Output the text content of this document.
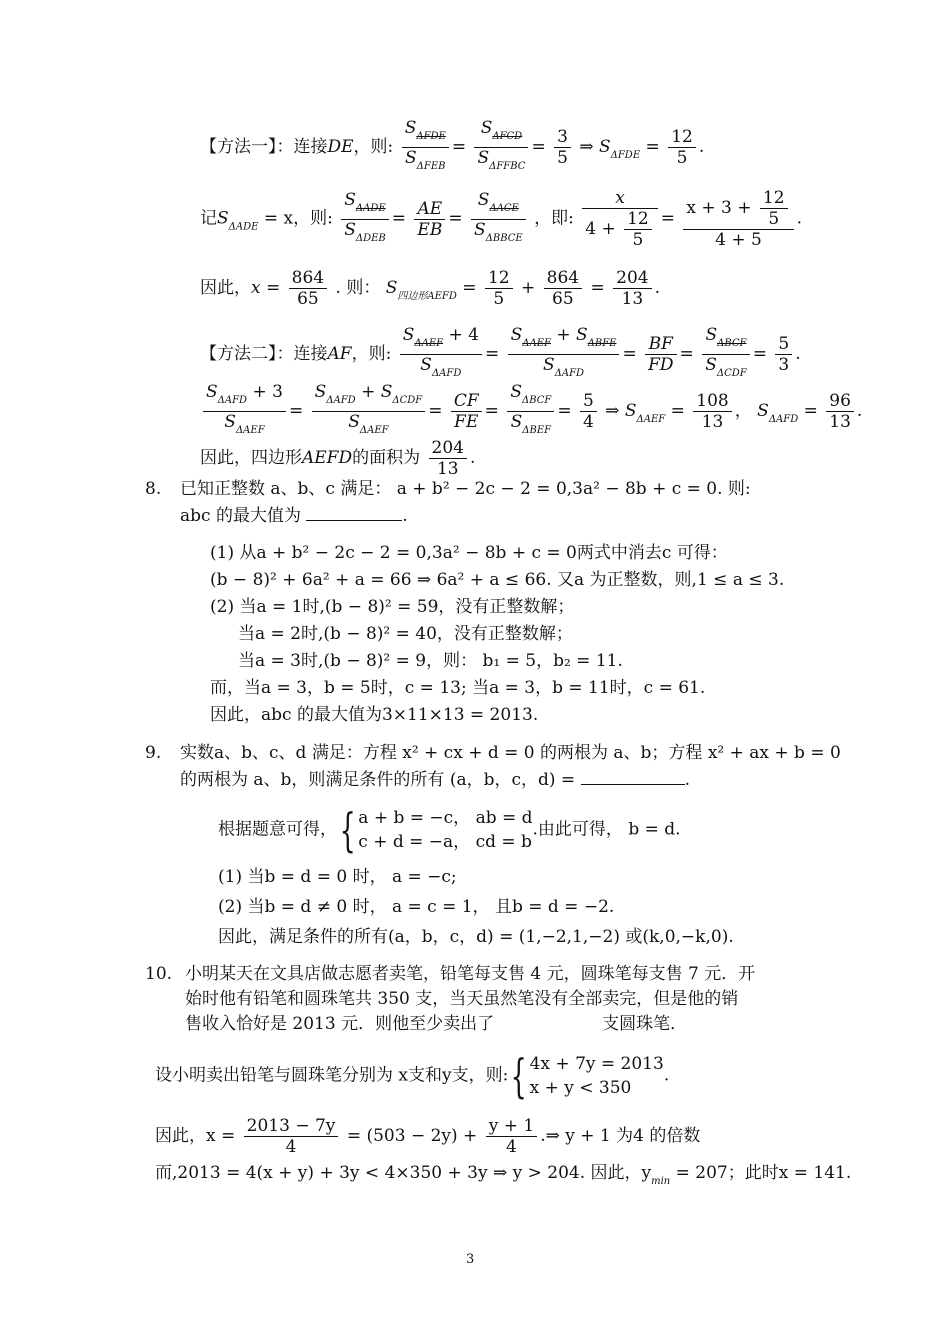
【方法一】：连接DE，则: $\frac{S_{\Delta FDE}}{S_{\Delta FEB}} = \frac{S_{\Delta FCD}}{S_{\Delta FFBC}} = \frac{3}{5}$ ⇒ $S_{\Delta FDE} = \frac{12}{5}$ .
记$S_{\Delta ADE} = x$，则: $\frac{S_{\Delta ADE}}{S_{\Delta DEB}} = \frac{AE}{EB} = \frac{S_{\Delta ACE}}{S_{\Delta BBCE}}$ ，即: $\frac{x}{4 + \frac{12}{5}} = \frac{x + 3 + \frac{12}{5}}{4 + 5}$ .
因此，$x = \frac{864}{65}$ . 则： $S_{四边形AEFD} = \frac{12}{5} + \frac{864}{65} = \frac{204}{13}$ .
【方法二】：连接AF，则: $\frac{S_{\Delta AEF} + 4}{S_{\Delta AFD}} = \frac{S_{\Delta AEF} + S_{\Delta BFE}}{S_{\Delta AFD}} = \frac{BF}{FD} = \frac{S_{\Delta BCF}}{S_{\Delta CDF}} = \frac{5}{3}$ .
$\frac{S_{\Delta AFD} + 3}{S_{\Delta AEF}} = \frac{S_{\Delta AFD} + S_{\Delta CDF}}{S_{\Delta AEF}} = \frac{CF}{FE} = \frac{S_{\Delta BCF}}{S_{\Delta BEF}} = \frac{5}{4}$ ⇒ $S_{\Delta AEF} = \frac{108}{13}$ ， $S_{\Delta AFD} = \frac{96}{13}$ .
因此，四边形AEFD的面积为 $\frac{204}{13}$ .
8. 已知正整数 a、b、c 满足： a + b² − 2c − 2 = 0,3a² − 8b + c = 0. 则:
abc 的最大值为	.
(1) 从a + b² − 2c − 2 = 0,3a² − 8b + c = 0两式中消去c 可得：
(b − 8)² + 6a² + a = 66 ⇒ 6a² + a ≤ 66. 又a 为正整数，则,1 ≤ a ≤ 3.
(2) 当a = 1时,(b − 8)² = 59，没有正整数解；
当a = 2时,(b − 8)² = 40，没有正整数解；
当a = 3时,(b − 8)² = 9，则： b₁ = 5，b₂ = 11.
而，当a = 3，b = 5时，c = 13; 当a = 3，b = 11时，c = 61.
因此，abc 的最大值为3×11×13 = 2013.
9. 实数a、b、c、d 满足：方程 x² + cx + d = 0 的两根为 a、b；方程 x² + ax + b = 0
的两根为 a、b，则满足条件的所有 (a，b，c，d) =	.
根据题意可得，{ a + b = −c， ab = d
c + d = −a， cd = b
.由此可得， b = d.
(1) 当b = d = 0 时， a = −c;
(2) 当b = d ≠ 0 时， a = c = 1， 且b = d = −2.
因此，满足条件的所有(a，b，c，d) = (1,−2,1,−2) 或(k,0,−k,0).
10. 小明某天在文具店做志愿者卖笔，铅笔每支售 4 元，圆珠笔每支售 7 元．开
始时他有铅笔和圆珠笔共 350 支，当天虽然笔没有全部卖完，但是他的销
售收入恰好是 2013 元．则他至少卖出了	支圆珠笔．
设小明卖出铅笔与圆珠笔分别为 x支和y支，则:{ 4x + 7y = 2013
x + y < 350
.
因此，$x = \frac{2013 - 7y}{4} = (503 - 2y) + \frac{y + 1}{4}$ .⇒ y + 1 为4 的倍数
而,2013 = 4(x + y) + 3y < 4×350 + 3y ⇒ y > 204. 因此，$y_{min} = 207$；此时x = 141.
3
